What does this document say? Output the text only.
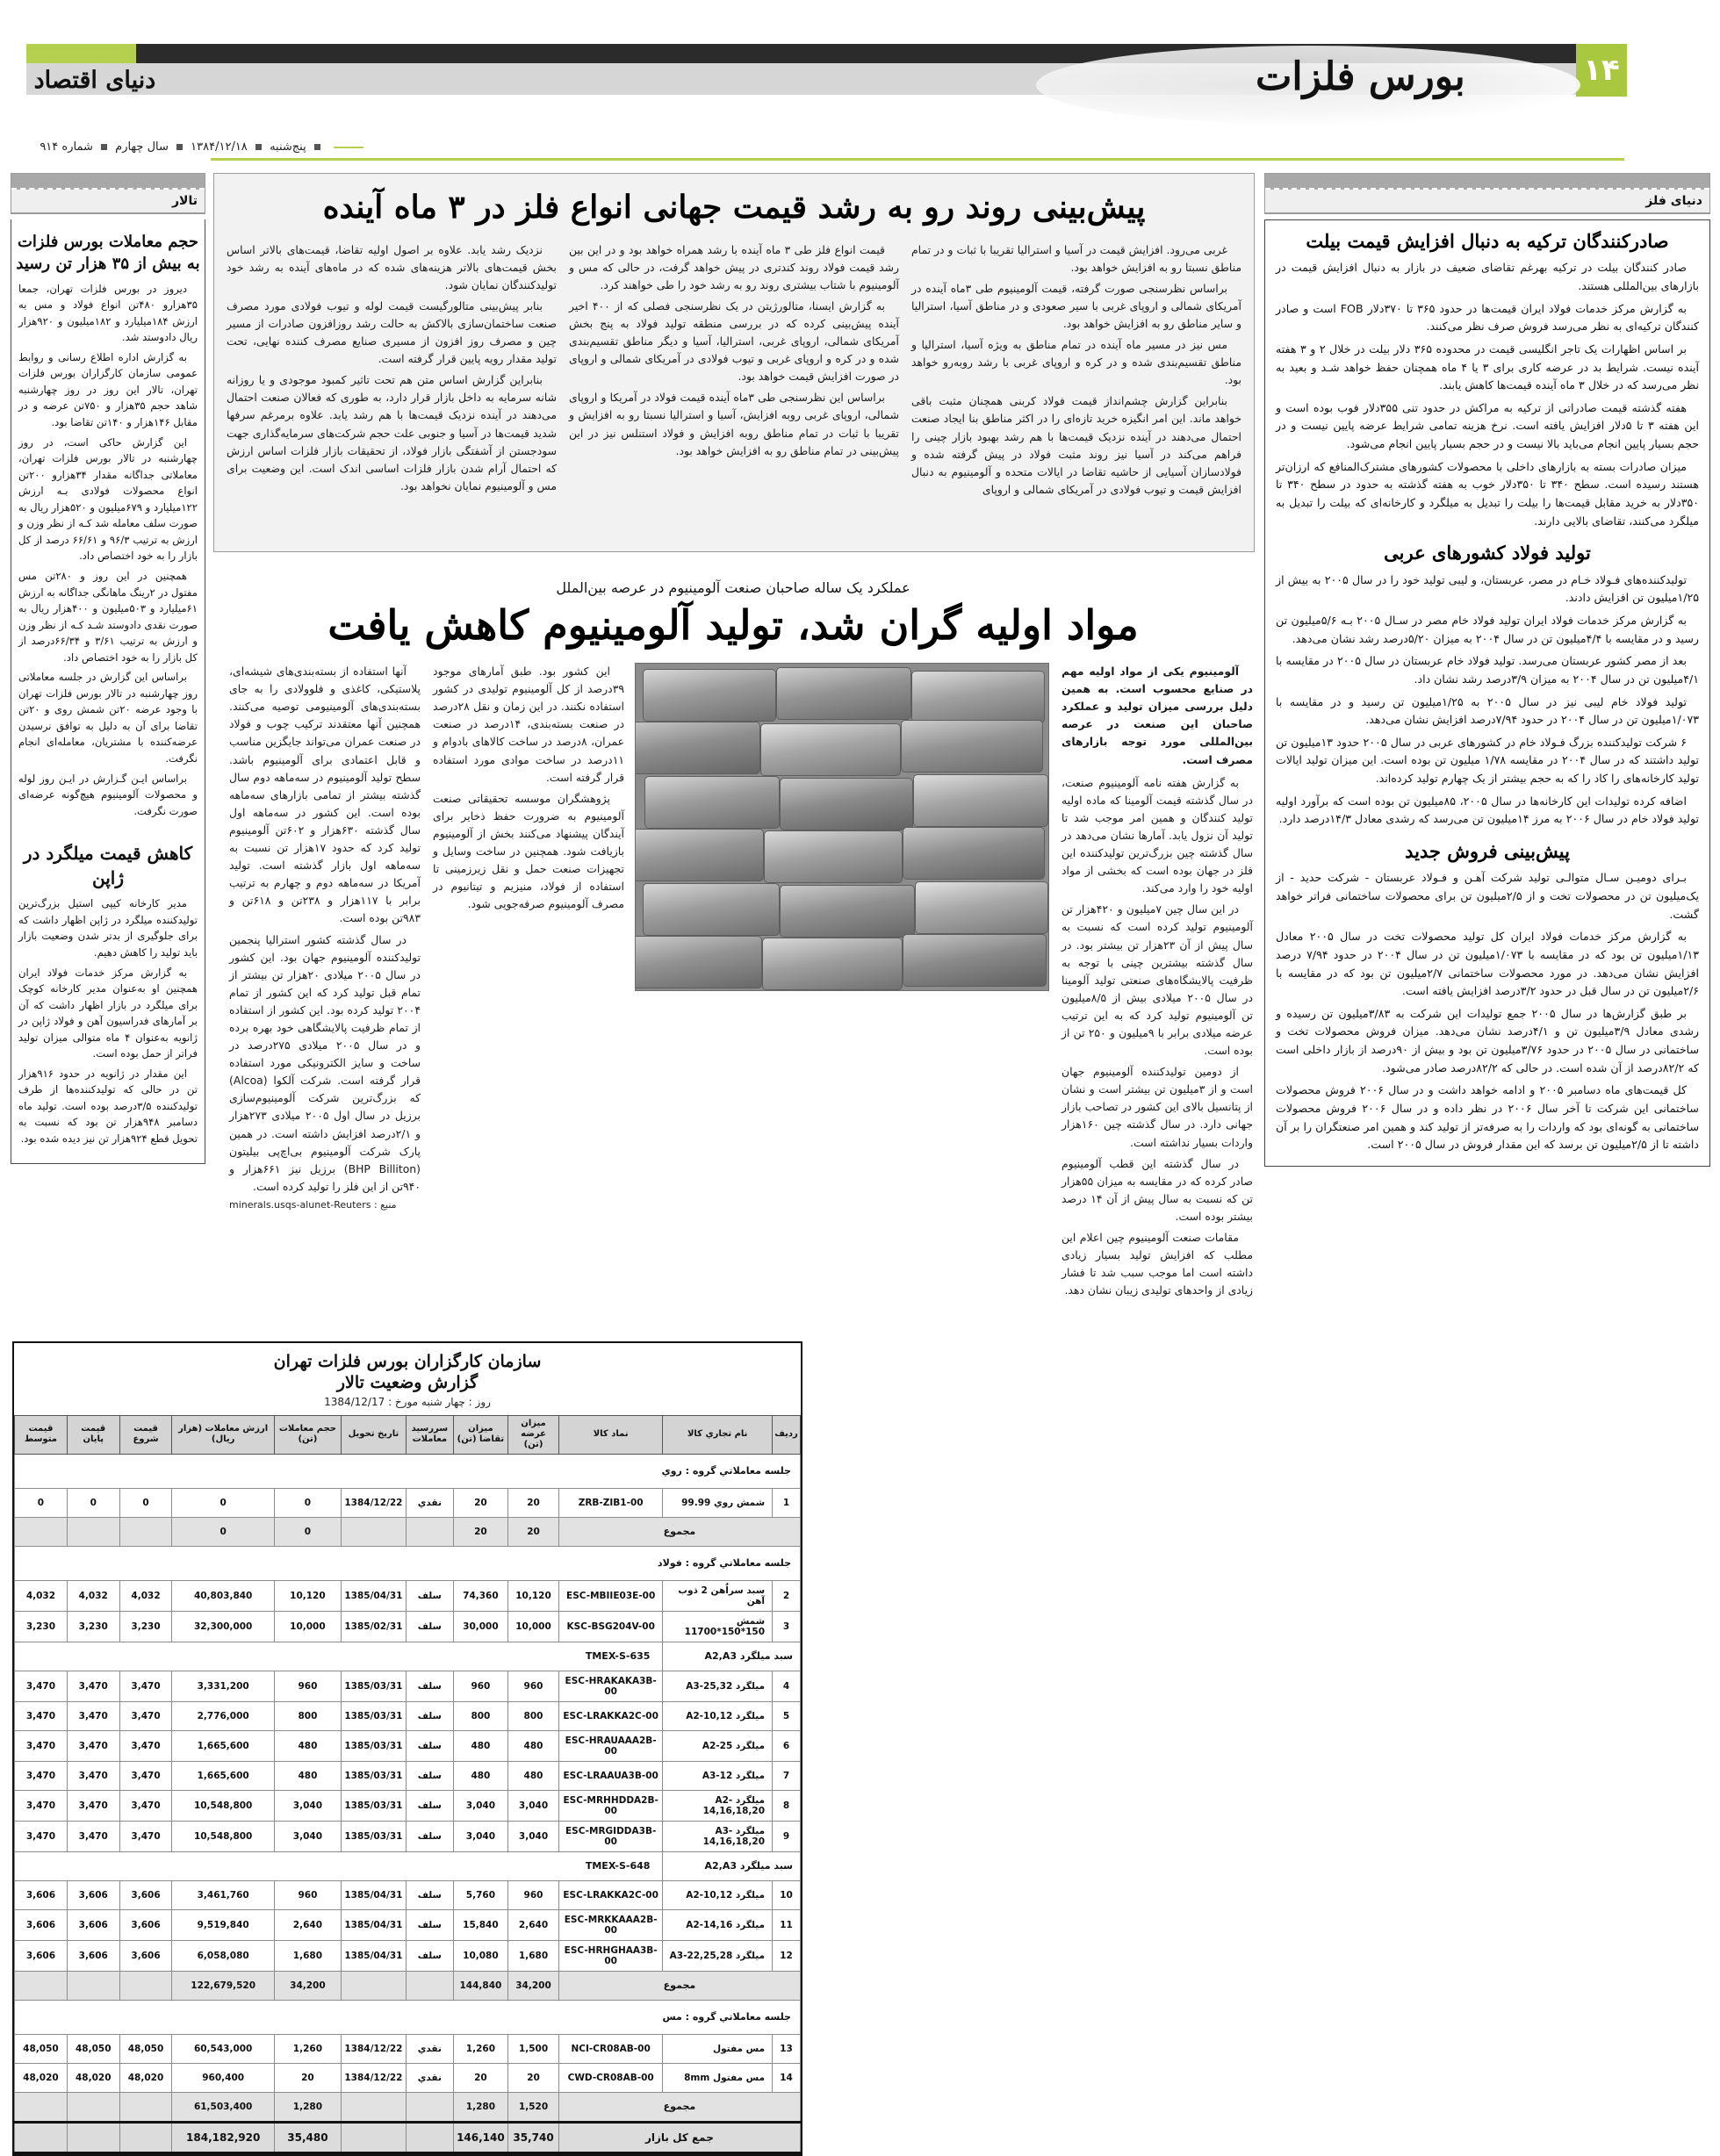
دنیای اقتصاد	۱۴
بورس فلزات
پنج‌شنبه  ۱۳۸۴/۱۲/۱۸  سال چهارم  شماره ۹۱۴
پیش‌بینی روند رو به رشد قیمت جهانی انواع فلز در ۳ ماه آینده

غربی می‌رود. افزایش قیمت در آسیا و استرالیا تقریبا با ثبات و در تمام مناطق نسبتا رو به افزایش خواهد بود.

براساس نظرسنجی صورت گرفته، قیمت آلومینیوم طی ۳ماه آینده در آمریکای شمالی و اروپای غربی با سیر صعودی و در مناطق آسیا، استرالیا و سایر مناطق رو به افزایش خواهد بود.

مس نیز در مسیر ماه آینده در تمام مناطق به ویژه آسیا، استرالیا و مناطق تقسیم‌بندی شده و در کره و اروپای غربی با رشد روبه‌رو خواهد بود.

بنابراین گزارش چشم‌انداز قیمت فولاد کربنی همچنان مثبت باقی خواهد ماند. این امر انگیزه خرید تازه‌ای را در اکثر مناطق بنا ایجاد صنعت احتمال می‌دهند در آینده نزدیک قیمت‌ها با هم رشد بهبود بازار چینی را فراهم می‌کند در آسیا نیز روند مثبت فولاد در پیش گرفته شده و فولادسازان آسیایی از حاشیه تقاضا در ایالات متحده و آلومینیوم به دنبال افزایش قیمت و تیوب فولادی در آمریکای شمالی و اروپای

قیمت انواع فلز طی ۳ ماه آینده با رشد همراه خواهد بود و در این بین رشد قیمت فولاد روند کندتری در پیش خواهد گرفت، در حالی که مس و آلومینیوم با شتاب بیشتری روند رو به رشد خود را طی خواهند کرد.

به گزارش ایسنا، متالورژیتن در یک نظرسنجی فصلی که از ۴۰۰ اخیر آینده پیش‌بینی کرده که در بررسی منطقه تولید فولاد به پنج بخش آمریکای شمالی، اروپای غربی، استرالیا، آسیا و دیگر مناطق تقسیم‌بندی شده و در کره و اروپای غربی و تیوب فولادی در آمریکای شمالی و اروپای در صورت افزایش قیمت خواهد بود.

براساس این نظرسنجی طی ۳ماه آینده قیمت فولاد در آمریکا و اروپای شمالی، اروپای غربی روبه افزایش، آسیا و استرالیا نسبتا رو به افزایش و تقریبا با ثبات در تمام مناطق روبه افزایش و فولاد استنلس نیز در این پیش‌بینی در تمام مناطق رو به افزایش خواهد بود.

نزدیک رشد یابد. علاوه بر اصول اولیه تقاضا، قیمت‌های بالاتر اساس بخش قیمت‌های بالاتر هزینه‌های شده که در ماه‌های آینده به رشد خود تولیدکنندگان نمایان شود.

بنابر پیش‌بینی متالورگیست قیمت لوله و تیوب فولادی مورد مصرف صنعت ساختمان‌سازی بالاکش به حالت رشد روزافزون صادرات از مسیر چین و مصرف روز افزون از مسیری صنایع مصرف کننده نهایی، تحت تولید مقدار رویه پایین قرار گرفته است.

بنابراین گزارش اساس متن هم تحت تاثیر کمبود موجودی و یا روزانه شانه سرمایه به داخل بازار قرار دارد، به طوری که فعالان صنعت احتمال می‌دهند در آینده نزدیک قیمت‌ها با هم رشد یابد. علاوه بر‌مرغم سرفها شدید قیمت‌ها در آسیا و جنوبی علت حجم شرکت‌های سرمایه‌گذاری جهت سودجستن از آشفتگی بازار فولاد، از تحقیقات بازار فلزات اساس ارزش که احتمال آرام شدن بازار فلزات اساسی اندک است. این وضعیت برای مس و آلومینیوم نمایان نخواهد بود.

عملکرد یک ساله صاحبان صنعت آلومینیوم در عرصه بین‌الملل
مواد اولیه گران شد، تولید آلومینیوم کاهش یافت

آلومینیوم یکی از مواد اولیه مهم در صنایع محسوب است. به همین دلیل بررسی میزان تولید و عملکرد صاحبان این صنعت در عرصه بین‌المللی مورد توجه بازارهای مصرف است.

به گزارش هفته نامه آلومینیوم صنعت، در سال گذشته قیمت آلومینا که ماده اولیه تولید کنندگان و همین امر موجب شد تا تولید آن نزول یابد. آمارها نشان می‌دهد در سال گذشته چین بزرگ‌ترین تولیدکننده این فلز در جهان بوده است که بخشی از مواد اولیه خود را وارد می‌کند.

در این سال چین ۷میلیون و ۴۲۰هزار تن آلومینیوم تولید کرده است که نسبت به سال پیش از آن ۲۳هزار تن بیشتر بود. در سال گذشته بیشترین چینی با توجه به ظرفیت پالایشگاه‌های صنعتی تولید آلومینا در سال ۲۰۰۵ میلادی بیش از ۸/۵میلیون تن آلومینیوم تولید کرد که به این ترتیب عرضه میلادی برابر با ۹میلیون و ۲۵۰ تن از بوده است.

از دومین تولیدکننده آلومینیوم جهان است و از ۳میلیون تن بیشتر است و نشان از پتانسیل بالای این کشور در تصاحب بازار جهانی دارد. در سال گذشته چین ۱۶۰هزار واردات بسیار نداشته است.

در سال گذشته این قطب آلومینیوم صادر کرده که در مقایسه به میزان ۵۵هزار تن که نسبت به سال پیش از آن ۱۴ درصد بیشتر بوده است.

مقامات صنعت آلومینیوم چین اعلام این مطلب که افزایش تولید بسیار زیادی داشته است اما موجب سبب شد تا فشار زیادی از واحدهای تولیدی زیبان نشان دهد.

این کشور بود. طبق آمارهای موجود ۳۹درصد از کل آلومینیوم تولیدی در کشور استفاده نکنند. در این زمان و نقل ۲۸درصد در صنعت بسته‌بندی، ۱۴درصد در صنعت عمران، ۸درصد در ساخت کالاهای بادوام و ۱۱درصد در ساخت موادی مورد استفاده قرار گرفته است.

پژوهشگران موسسه تحقیقاتی صنعت آلومینیوم به ضرورت حفظ ذخایر برای آیندگان پیشنهاد می‌کنند بخش از آلومینیوم بازیافت شود. همچنین در ساخت وسایل و تجهیزات صنعت حمل و نقل زیرزمینی تا استفاده از فولاد، منیزیم و تیتانیوم در مصرف آلومینیوم صرفه‌جویی شود.

آنها استفاده از بسته‌بندی‌های شیشه‌ای، پلاستیکی، کاغذی و فلوولادی را به جای بسته‌بندی‌های آلومینیومی توصیه می‌کنند. همچنین آنها معتقدند ترکیب چوب و فولاد در صنعت عمران می‌تواند جایگزین مناسب و قابل اعتمادی برای آلومینیوم باشد. سطح تولید آلومینیوم در سه‌ماهه دوم سال گذشته بیشتر از تمامی بازارهای سه‌ماهه بوده است. این کشور در سه‌ماهه اول سال گذشته ۶۳۰هزار و ۶۰۲تن آلومینیوم تولید کرد که حدود ۱۷هزار تن نسبت به سه‌ماهه اول بازار گذشته است. تولید آمریکا در سه‌ماهه دوم و چهارم به ترتیب برابر با ۱۱۷هزار و ۲۳۸تن و ۶۱۸تن و ۹۸۳تن بوده است.

در سال گذشته کشور استرالیا پنجمین تولیدکننده آلومینیوم جهان بود. این کشور در سال ۲۰۰۵ میلادی ۲۰هزار تن بیشتر از تمام قبل تولید کرد که این کشور از تمام ۲۰۰۴ تولید کرده بود. این کشور از استفاده از تمام ظرفیت پالایشگاهی خود بهره برده و در سال ۲۰۰۵ میلادی ۲۷۵درصد در ساخت و سایز الکترونیکی مورد استفاده قرار گرفته است. شرکت آلکوا (Alcoa) که بزرگ‌ترین شرکت آلومینیوم‌سازی برزیل در سال اول ۲۰۰۵ میلادی ۲۷۳هزار و ۲/۱درصد افزایش داشته است. در همین پارک شرکت آلومینیوم بی‌اچ‌پی بیلیتون (BHP Billiton) برزیل نیز ۶۶۱هزار و ۹۴۰تن از این فلز را تولید کرده است.

minerals.usqs-alunet-Reuters : منبع
تالار
حجم معاملات بورس فلزات به بیش از ۳۵ هزار تن رسید

دیروز در بورس فلزات تهران، جمعا ۳۵هزارو ۴۸۰تن انواع فولاد و مس به ارزش ۱۸۴میلیارد و ۱۸۲میلیون و ۹۲۰هزار ریال دادوستد شد.

به گزارش اداره اطلاع رسانی و روابط عمومی سازمان کارگزاران بورس فلزات تهران، تالار این روز در روز چهارشنبه شاهد حجم ۳۵هزار و ۷۵۰تن عرضه و در مقابل ۱۴۶هزار و ۱۴۰تن تقاضا بود.

این گزارش حاکی است، در روز چهارشنبه در تالار بورس فلزات تهران، معاملاتی جداگانه مقدار ۳۴هزارو ۲۰۰تن انواع محصولات فولادی بـه ارزش ۱۲۲میلیارد و ۶۷۹میلیون و ۵۲۰هزار ریال به صورت سلف معامله شد کـه از نظر وزن و ارزش به ترتیب ۹۶/۳ و ۶۶/۶۱ درصد از کل بازار را به خود اختصاص داد.

همچنین در این روز و ۲۸۰تن مس مفتول در ۲رینگ ماهانگی جداگانه به ارزش ۶۱میلیارد و ۵۰۳میلیون و ۴۰۰هزار ریال به صورت نقدی دادوستد شـد کـه از نظر وزن و ارزش به ترتیب ۳/۶۱ و ۶۶/۳۴درصد از کل بازار را به خود اختصاص داد.

براساس این گزارش در جلسه معاملاتی روز چهارشنبه در تالار بورس فلزات تهران با وجود عرضه ۲۰تن شمش روی و ۲۰تن تقاضا برای آن به دلیل به توافق نرسیدن عرضه‌کننده با مشتریان، معامله‌ای انجام نگرفت.

براساس ایـن گـزارش در ایـن روز لوله و محصولات آلومینیوم هیچ‌گونه عرضه‌ای صورت نگرفت.

کاهش قیمت میلگرد در ژاپن

مدیر کارخانه کیپی استیل بزرگ‌ترین تولیدکننده میلگرد در ژاپن اظهار داشت که برای جلوگیری از بدتر شدن وضعیت بازار باید تولید را کاهش دهیم.

به گزارش مرکز خدمات فولاد ایران همچنین او به‌عنوان مدیر کارخانه کوچک برای میلگرد در بازار اظهار داشت که آن بر آمارهای فدراسیون آهن و فولاد ژاپن در ژانویه به‌عنوان ۴ ماه متوالی میزان تولید فراتر از حمل بوده است.

این مقدار در ژانویه در حدود ۹۱۶هزار تن در حالی که تولیدکننده‌ها از طرف تولیدکننده ۳/۵درصد بوده است. تولید ماه دسامبر ۹۴۸هزار تن بود که نسبت به تحویل قطع ۹۲۴هزار تن نیز دیده شده بود.

دنیای فلز
صادرکنندگان ترکیه به دنبال افزایش قیمت بیلت

صادر کنندگان بیلت در ترکیه بهرغم تقاضای ضعیف در بازار به دنبال افزایش قیمت در بازارهای بین‌المللی هستند.

به گزارش مرکز خدمات فولاد ایران قیمت‌ها در حدود ۳۶۵ تا ۳۷۰دلار FOB است و صادر کنندگان ترکیه‌ای به نظر می‌رسد فروش صرف نظر می‌کنند.

بر اساس اظهارات یک تاجر انگلیسی قیمت در محدوده ۳۶۵ دلار بیلت در خلال ۲ و ۳ هفته آینده نیست. شرایط بد در عرضه کاری برای ۳ یا ۴ ماه همچنان حفظ خواهد شـد و بعید به نظر می‌رسد که در خلال ۳ ماه آینده قیمت‌ها کاهش یابند.

هفته گذشته قیمت صادراتی از ترکیه به مراکش در حدود تنی ۳۵۵دلار فوب بوده است و این هفته ۳ تا ۵دلار افزایش یافته است. نرخ هزینه تمامی شرایط عرضه پایین نیست و در حجم بسیار پایین انجام می‌باید بالا نیست و در حجم بسیار پایین انجام می‌شود.

میزان صادرات بسته به بازارهای داخلی با محصولات کشورهای مشترک‌المنافع که ارزان‌تر هستند رسیده است. سطح ۳۴۰ تا ۳۵۰دلار خوب به هفته گذشته به حدود در سطح ۳۴۰ تا ۳۵۰دلار به خرید مقابل قیمت‌ها را بیلت را تبدیل به میلگرد و کارخانه‌ای که بیلت را تبدیل به میلگرد می‌کنند، تقاضای بالایی دارند.

تولید فولاد کشورهای عربی

تولیدکننده‌های فـولاد خـام در مصر، عربستان، و لیبی تولید خود را در سال ۲۰۰۵ به بیش از ۱/۲۵میلیون تن افزایش دادند.

به گزارش مرکز خدمات فولاد ایران تولید فولاد خام مصر در سـال ۲۰۰۵ بـه ۵/۶میلیون تن رسید و در مقایسه با ۴/۴میلیون تن در سال ۲۰۰۴ به میزان ۵/۲۰درصد رشد نشان می‌دهد.

بعد از مصر کشور عربستان می‌رسد. تولید فولاد خام عربستان در سال ۲۰۰۵ در مقایسه با ۴/۱میلیون تن در سال ۲۰۰۴ به میزان ۳/۹درصد رشد نشان داد.

تولید فولاد خام لیبی نیز در سال ۲۰۰۵ به ۱/۲۵میلیون تن رسید و در مقایسه با ۱/۰۷۳میلیون تن در سال ۲۰۰۴ در حدود ۷/۹۴درصد افزایش نشان می‌دهد.

۶ شرکت تولیدکننده بزرگ فـولاد خام در کشورهای عربی در سال ۲۰۰۵ حدود ۱۳میلیون تن تولید داشتند که در سال ۲۰۰۴ در مقایسه ۱/۷۸ میلیون تن بوده است. این میزان تولید ایالات تولید کارخانه‌های را کاد را که به حجم بیشتر از یک چهارم تولید کرده‌اند.

اضافه کرده تولیدات این کارخانه‌ها در سال ۲۰۰۵، ۸۵میلیون تن بوده است که برآورد اولیه تولید فولاد خام در سال ۲۰۰۶ به مرز ۱۴میلیون تن می‌رسد که رشدی معادل ۱۴/۳درصد دارد.

پیش‌بینی فروش جدید

بـرای دومیـن سـال متوالـی تولید شرکت آهـن و فـولاد عربستان - شرکت حدید - از یک‌میلیون تن در محصولات تخت و از ۲/۵میلیون تن برای محصولات ساختمانی فراتر خواهد گشت.

به گزارش مرکز خدمات فولاد ایران کل تولید محصولات تخت در سال ۲۰۰۵ معادل ۱/۱۳میلیون تن بود که در مقایسه با ۱/۰۷۳میلیون تن در سال ۲۰۰۴ در حدود ۷/۹۴ درصد افزایش نشان می‌دهد. در مورد محصولات ساختمانی ۲/۷میلیون تن بود که در مقایسه با ۲/۶میلیون تن در سال قبل در حدود ۳/۲درصد افزایش یافته است.

بر طبق گزارش‌ها در سال ۲۰۰۵ جمع تولیدات این شرکت به ۳/۸۳میلیون تن رسیده و رشدی معادل ۳/۹میلیون تن و ۴/۱درصد نشان می‌دهد. میزان فروش محصولات تخت و ساختمانی در سال ۲۰۰۵ در حدود ۳/۷۶میلیون تن بود و بیش از ۹۰درصد از بازار داخلی است که ۸۲/۲درصد از آن شده است. در حالی که ۸۲/۲درصد صادر می‌شود.

کل قیمت‌های ماه دسامبر ۲۰۰۵ و ادامه خواهد داشت و در سال ۲۰۰۶ فروش محصولات ساختمانی این شرکت تا آخر سال ۲۰۰۶ در نظر داده و در سال ۲۰۰۶ فروش محصولات ساختمانی به گونه‌ای بود که واردات را به صرفه‌تر از تولید کند و همین امر صنعتگران را بر آن داشته تا از ۲/۵میلیون تن برسد که این مقدار فروش در سال ۲۰۰۵ است.

سازمان کارگزاران بورس فلزات تهران
گزارش وضعیت تالار
روز : چهار شنبه مورخ : 1384/12/17
ردیف	نام تجاري کالا	نماد کالا	میزان عرضه (تن)	میزان تقاضا (تن)	سررسید معاملات	تاریخ تحویل	حجم معاملات (تن)	ارزش معاملات (هزار ریال)	قیمت شروع	قیمت پایان	قیمت متوسط
جلسه معاملاتي گروه : روي											
1	شمش روي 99.99	ZRB-ZIB1-00	20	20	نقدي	1384/12/22	0	0	0	0	0
مجموع			20	20			0	0			
جلسه معاملاتي گروه : فولاد											
2	سبد سراٌهن 2 ذوب آهن	ESC-MBIIE03E-00	10,120	74,360	سلف	1385/04/31	10,120	40,803,840	4,032	4,032	4,032
3	شمش 150*150*11700	KSC-BSG204V-00	10,000	30,000	سلف	1385/02/31	10,000	32,300,000	3,230	3,230	3,230
سبد ميلگرد A2,A3		TMEX-S-635									
4	ميلگرد A3-25,32	ESC-HRAKAKA3B-00	960	960	سلف	1385/03/31	960	3,331,200	3,470	3,470	3,470
5	ميلگرد A2-10,12	ESC-LRAKKA2C-00	800	800	سلف	1385/03/31	800	2,776,000	3,470	3,470	3,470
6	ميلگرد A2-25	ESC-HRAUAAA2B-00	480	480	سلف	1385/03/31	480	1,665,600	3,470	3,470	3,470
7	ميلگرد A3-12	ESC-LRAAUA3B-00	480	480	سلف	1385/03/31	480	1,665,600	3,470	3,470	3,470
8	ميلگرد A2-14,16,18,20	ESC-MRHHDDA2B-00	3,040	3,040	سلف	1385/03/31	3,040	10,548,800	3,470	3,470	3,470
9	ميلگرد A3-14,16,18,20	ESC-MRGIDDA3B-00	3,040	3,040	سلف	1385/03/31	3,040	10,548,800	3,470	3,470	3,470
سبد ميلگرد A2,A3		TMEX-S-648									
10	ميلگرد A2-10,12	ESC-LRAKKA2C-00	960	5,760	سلف	1385/04/31	960	3,461,760	3,606	3,606	3,606
11	ميلگرد A2-14,16	ESC-MRKKAAA2B-00	2,640	15,840	سلف	1385/04/31	2,640	9,519,840	3,606	3,606	3,606
12	ميلگرد A3-22,25,28	ESC-HRHGHAA3B-00	1,680	10,080	سلف	1385/04/31	1,680	6,058,080	3,606	3,606	3,606
مجموع			34,200	144,840			34,200	122,679,520			
جلسه معاملاتي گروه : مس											
13	مس مفتول	NCI-CR08AB-00	1,500	1,260	نقدي	1384/12/22	1,260	60,543,000	48,050	48,050	48,050
14	مس مفتول 8mm	CWD-CR08AB-00	20	20	نقدي	1384/12/22	20	960,400	48,020	48,020	48,020
مجموع			1,520	1,280			1,280	61,503,400			
جمع کل بازار			35,740	146,140			35,480	184,182,920			
